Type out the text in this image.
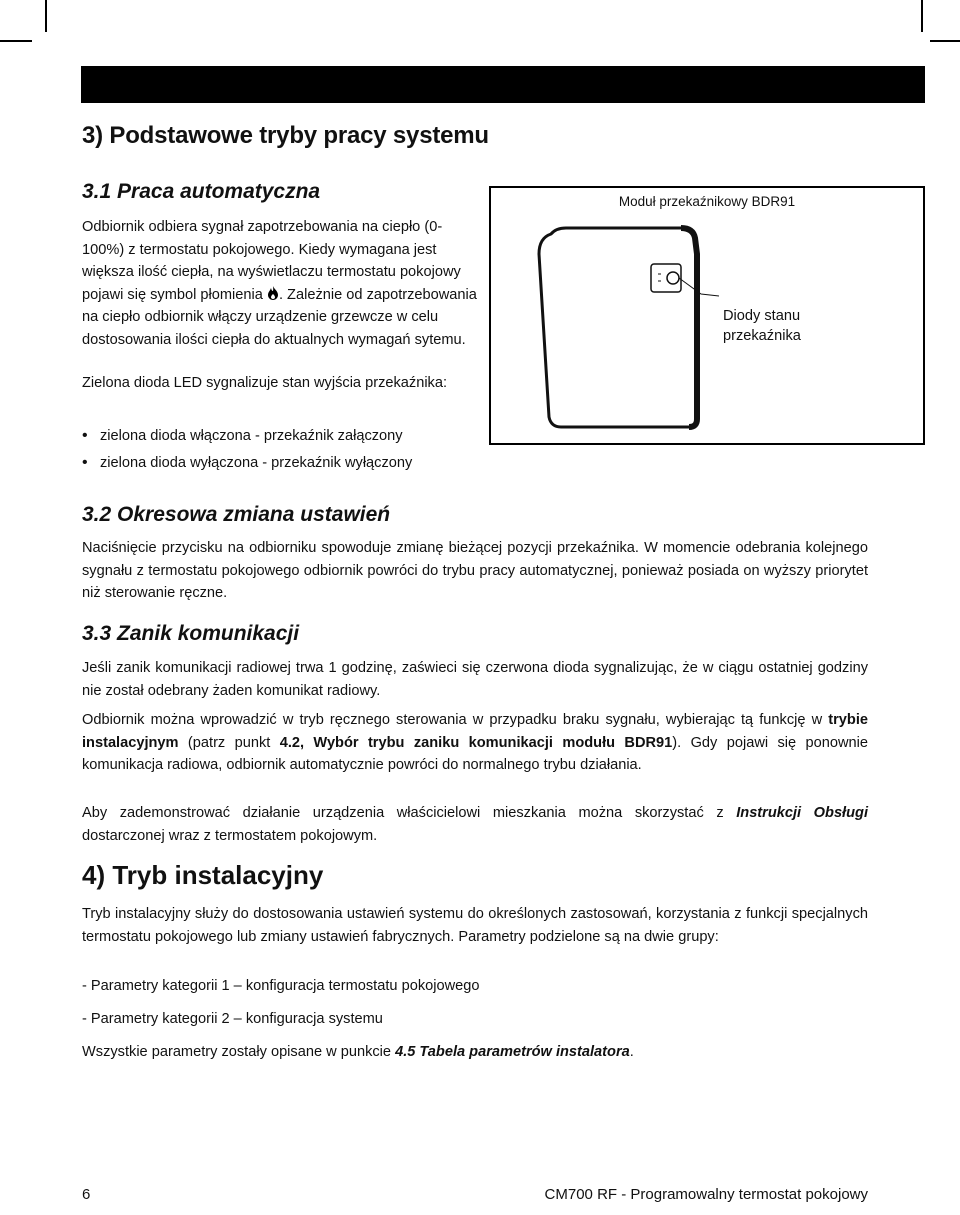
3) Podstawowe tryby pracy systemu
3.1 Praca automatyczna

Odbiornik odbiera sygnał zapotrzebowania na ciepło (0-100%) z termostatu pokojowego. Kiedy wymagana jest większa ilość ciepła, na wyświetlaczu termostatu pokojowy pojawi się symbol płomienia . Zależnie od zapotrzebowania na ciepło odbiornik włączy urządzenie grzewcze w celu dostosowania ilości ciepła do aktualnych wymagań sytemu.

Zielona dioda LED sygnalizuje stan wyjścia przekaźnika:

• zielona dioda włączona - przekaźnik załączony

• zielona dioda wyłączona - przekaźnik wyłączony

Moduł przekaźnikowy BDR91
Diody stanu
przekaźnika
3.2 Okresowa zmiana ustawień

Naciśnięcie przycisku na odbiorniku spowoduje zmianę bieżącej pozycji przekaźnika. W momencie odebrania kolejnego sygnału z termostatu pokojowego odbiornik powróci do trybu pracy automatycznej, ponieważ posiada on wyższy priorytet niż sterowanie ręczne.

3.3 Zanik komunikacji

Jeśli zanik komunikacji radiowej trwa 1 godzinę, zaświeci się czerwona dioda sygnalizując, że w ciągu ostatniej godziny nie został odebrany żaden komunikat radiowy.

Odbiornik można wprowadzić w tryb ręcznego sterowania w przypadku braku sygnału, wybierając tą funkcję w trybie instalacyjnym (patrz punkt 4.2, Wybór trybu zaniku komunikacji modułu BDR91). Gdy pojawi się ponownie komunikacja radiowa, odbiornik automatycznie powróci do normalnego trybu działania.

Aby zademonstrować działanie urządzenia właścicielowi mieszkania można skorzystać z Instrukcji Obsługi dostarczonej wraz z termostatem pokojowym.

4) Tryb instalacyjny

Tryb instalacyjny służy do dostosowania ustawień systemu do określonych zastosowań, korzystania z funkcji specjalnych termostatu pokojowego lub zmiany ustawień fabrycznych. Parametry podzielone są na dwie grupy:

- Parametry kategorii 1 – konfiguracja termostatu pokojowego

- Parametry kategorii 2 – konfiguracja systemu

Wszystkie parametry zostały opisane w punkcie 4.5 Tabela parametrów instalatora.

6	CM700 RF - Programowalny termostat pokojowy
